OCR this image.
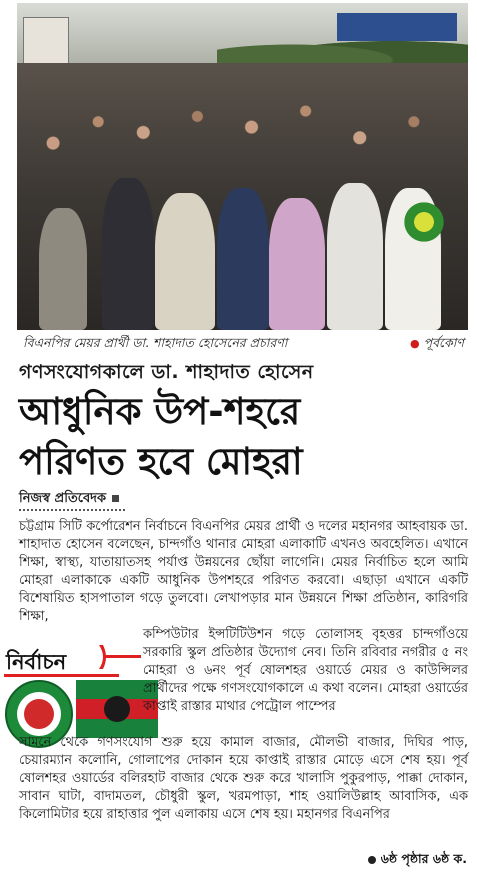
বিএনপির মেয়র প্রার্থী ডা. শাহাদাত হোসেনের প্রচারণা	● পূর্বকোণ
গণসংযোগকালে ডা. শাহাদাত হোসেন
আধুনিক উপ-শহরে
পরিণত হবে মোহরা
নিজস্ব প্রতিবেদক
চট্টগ্রাম সিটি কর্পোরেশন নির্বাচনে বিএনপির মেয়র প্রার্থী ও দলের মহানগর আহবায়ক ডা. শাহাদাত হোসেন বলেছেন, চান্দগাঁও থানার মোহরা এলাকাটি এখনও অবহেলিত। এখানে শিক্ষা, স্বাস্থ্য, যাতায়াতসহ পর্যাপ্ত উন্নয়নের ছোঁয়া লাগেনি। মেয়র নির্বাচিত হলে আমি মোহরা এলাকাকে একটি আধুনিক উপশহরে পরিণত করবো। এছাড়া এখানে একটি বিশেষায়িত হাসপাতাল গড়ে তুলবো। লেখাপড়ার মান উন্নয়নে শিক্ষা প্রতিষ্ঠান, কারিগরি শিক্ষা,
নির্বাচন
কম্পিউটার ইন্সটিটিউশন গড়ে তোলাসহ বৃহত্তর চান্দগাঁওয়ে সরকারি স্কুল প্রতিষ্ঠার উদ্যোগ নেব। তিনি রবিবার নগরীর ৫ নং মোহরা ও ৬নং পূর্ব ষোলশহর ওয়ার্ডে মেয়র ও কাউন্সিলর প্রার্থীদের পক্ষে গণসংযোগকালে এ কথা বলেন। মোহরা ওয়ার্ডের কাপ্তাই রাস্তার মাথার পেট্রোল পাম্পের
সামনে থেকে গণসংযোগ শুরু হয়ে কামাল বাজার, মৌলভী বাজার, দিঘির পাড়, চেয়ারম্যান কলোনি, গোলাপের দোকান হয়ে কাপ্তাই রাস্তার মোড়ে এসে শেষ হয়। পূর্ব ষোলশহর ওয়ার্ডের বলিরহাট বাজার থেকে শুরু করে খালাসি পুকুরপাড়, পাক্কা দোকান, সাবান ঘাটা, বাদামতল, চৌধুরী স্কুল, খরমপাড়া, শাহ ওয়ালিউল্লাহ আবাসিক, এক কিলোমিটার হয়ে রাহাত্তার পুল এলাকায় এসে শেষ হয়। মহানগর বিএনপির
৬ষ্ঠ পৃষ্ঠার ৬ষ্ঠ ক.
